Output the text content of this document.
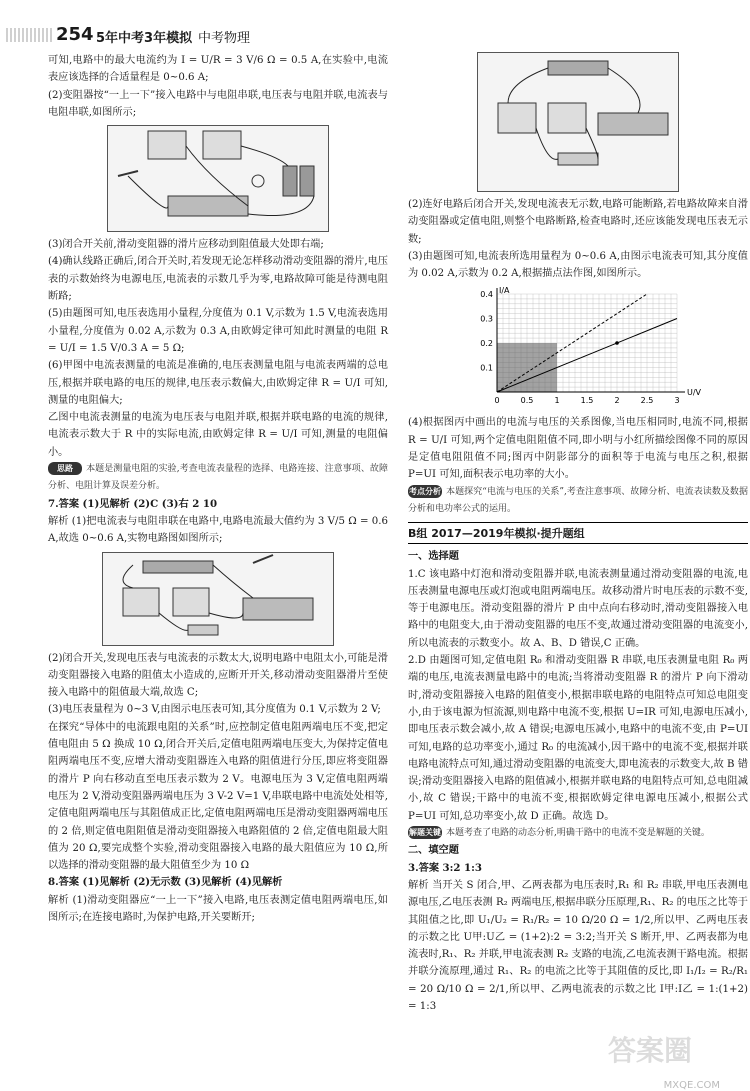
254 5年中考3年模拟 中考物理

可知,电路中的最大电流约为 I = U/R = 3 V/6 Ω = 0.5 A,在实验中,电流表应该选择的合适量程是 0~0.6 A;

(2)变阻器按“一上一下”接入电路中与电阻串联,电压表与电阻并联,电流表与电阻串联,如图所示;

(3)闭合开关前,滑动变阻器的滑片应移动到阻值最大处即右端;

(4)确认线路正确后,闭合开关时,若发现无论怎样移动滑动变阻器的滑片,电压表的示数始终为电源电压,电流表的示数几乎为零,电路故障可能是待测电阻断路;

(5)由题图可知,电压表选用小量程,分度值为 0.1 V,示数为 1.5 V,电流表选用小量程,分度值为 0.02 A,示数为 0.3 A,由欧姆定律可知此时测量的电阻 R = U/I = 1.5 V/0.3 A = 5 Ω;

(6)甲图中电流表测量的电流是准确的,电压表测量电阻与电流表两端的总电压,根据并联电路的电压的规律,电压表示数偏大,由欧姆定律 R = U/I 可知,测量的电阻偏大;

乙图中电流表测量的电流为电压表与电阻并联,根据并联电路的电流的规律,电流表示数大于 R 中的实际电流,由欧姆定律 R = U/I 可知,测量的电阻偏小。

思路 本题是测量电阻的实验,考查电流表量程的选择、电路连接、注意事项、故障分析、电阻计算及误差分析。

7.答案 (1)见解析 (2)C (3)右 2 10

解析 (1)把电流表与电阻串联在电路中,电路电流最大值约为 3 V/5 Ω = 0.6 A,故选 0~0.6 A,实物电路图如图所示;

(2)闭合开关,发现电压表与电流表的示数太大,说明电路中电阻太小,可能是滑动变阻器接入电路的阻值太小造成的,应断开开关,移动滑动变阻器滑片至使接入电路中的阻值最大端,故选 C;

(3)电压表量程为 0~3 V,由图示电压表可知,其分度值为 0.1 V,示数为 2 V;

在探究“导体中的电流跟电阻的关系”时,应控制定值电阻两端电压不变,把定值电阻由 5 Ω 换成 10 Ω,闭合开关后,定值电阻两端电压变大,为保持定值电阻两端电压不变,应增大滑动变阻器连入电路的阻值进行分压,即应将变阻器的滑片 P 向右移动直至电压表示数为 2 V。电源电压为 3 V,定值电阻两端电压为 2 V,滑动变阻器两端电压为 3 V-2 V=1 V,串联电路中电流处处相等,定值电阻两端电压与其阻值成正比,定值电阻两端电压是滑动变阻器两端电压的 2 倍,则定值电阻阻值是滑动变阻器接入电路阻值的 2 倍,定值电阻最大阻值为 20 Ω,要完成整个实验,滑动变阻器接入电路的最大阻值应为 10 Ω,所以选择的滑动变阻器的最大阻值至少为 10 Ω

8.答案 (1)见解析 (2)无示数 (3)见解析 (4)见解析

解析 (1)滑动变阻器应“一上一下”接入电路,电压表测定值电阻两端电压,如图所示;在连接电路时,为保护电路,开关要断开;

(2)连好电路后闭合开关,发现电流表无示数,电路可能断路,若电路故障来自滑动变阻器或定值电阻,则整个电路断路,检查电路时,还应该能发现电压表无示数;

(3)由题图可知,电流表所选用量程为 0~0.6 A,由图示电流表可知,其分度值为 0.02 A,示数为 0.2 A,根据描点法作图,如图所示。

0	0.5	1	1.5	2	2.5	3
0.1
0.2
0.3
0.4
U/V
I/A

(4)根据图丙中画出的电流与电压的关系图像,当电压相同时,电流不同,根据 R = U/I 可知,两个定值电阻阻值不同,即小明与小红所描绘图像不同的原因是定值电阻阻值不同;图丙中阴影部分的面积等于电流与电压之积,根据 P=UI 可知,面积表示电功率的大小。

考点分析 本题探究“电流与电压的关系”,考查注意事项、故障分析、电流表读数及数据分析和电功率公式的运用。

B组 2017—2019年模拟·提升题组

一、选择题

1.C 该电路中灯泡和滑动变阻器并联,电流表测量通过滑动变阻器的电流,电压表测量电源电压或灯泡或电阻两端电压。故移动滑片时电压表的示数不变,等于电源电压。滑动变阻器的滑片 P 由中点向右移动时,滑动变阻器接入电路中的电阻变大,由于滑动变阻器的电压不变,故通过滑动变阻器的电流变小,所以电流表的示数变小。故 A、B、D 错误,C 正确。

2.D 由题图可知,定值电阻 R₀ 和滑动变阻器 R 串联,电压表测量电阻 R₀ 两端的电压,电流表测量电路中的电流;当将滑动变阻器 R 的滑片 P 向下滑动时,滑动变阻器接入电路的阻值变小,根据串联电路的电阻特点可知总电阻变小,由于该电源为恒流源,则电路中电流不变,根据 U=IR 可知,电源电压减小,即电压表示数会减小,故 A 错误;电源电压减小,电路中的电流不变,由 P=UI 可知,电路的总功率变小,通过 R₀ 的电流减小,因干路中的电流不变,根据并联电路电流特点可知,通过滑动变阻器的电流变大,即电流表的示数变大,故 B 错误;滑动变阻器接入电路的阻值减小,根据并联电路的电阻特点可知,总电阻减小,故 C 错误;干路中的电流不变,根据欧姆定律电源电压减小,根据公式 P=UI 可知,总功率变小,故 D 正确。故选 D。

解题关键 本题考查了电路的动态分析,明确干路中的电流不变是解题的关键。

二、填空题

3.答案 3:2 1:3

解析 当开关 S 闭合,甲、乙两表都为电压表时,R₁ 和 R₂ 串联,甲电压表测电源电压,乙电压表测 R₂ 两端电压,根据串联分压原理,R₁、R₂ 的电压之比等于其阻值之比,即 U₁/U₂ = R₁/R₂ = 10 Ω/20 Ω = 1/2,所以甲、乙两电压表的示数之比 U甲:U乙 = (1+2):2 = 3:2;当开关 S 断开,甲、乙两表都为电流表时,R₁、R₂ 并联,甲电流表测 R₂ 支路的电流,乙电流表测干路电流。根据并联分流原理,通过 R₁、R₂ 的电流之比等于其阻值的反比,即 I₁/I₂ = R₂/R₁ = 20 Ω/10 Ω = 2/1,所以甲、乙两电流表的示数之比 I甲:I乙 = 1:(1+2) = 1:3

答案圈
MXQE.COM
